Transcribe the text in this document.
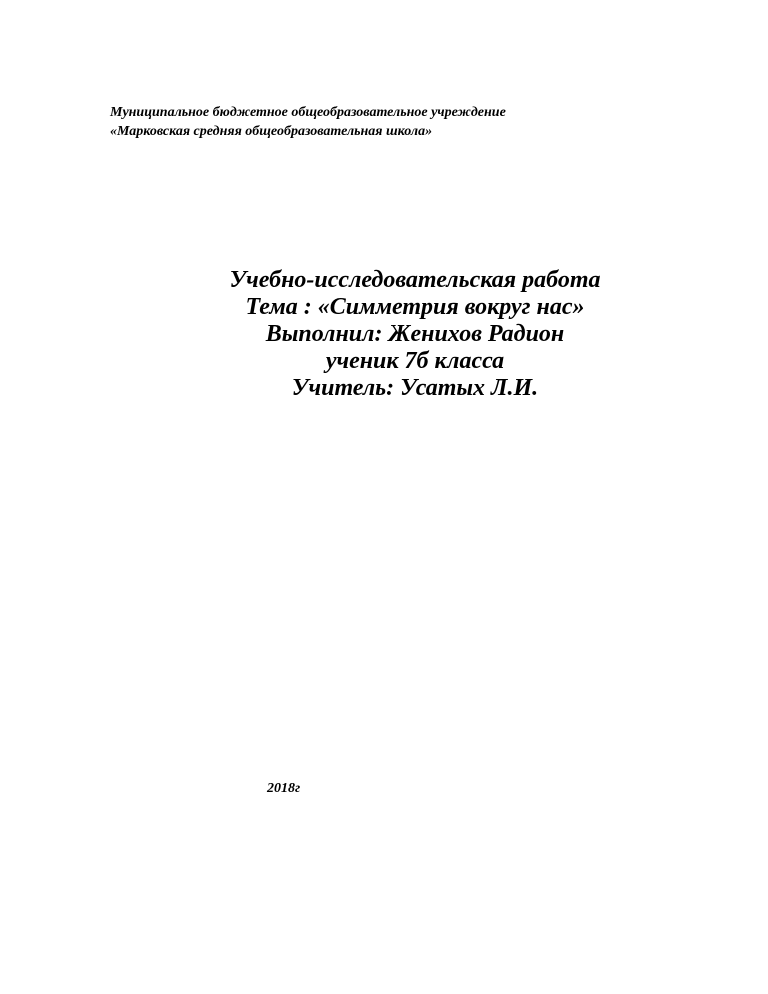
Муниципальное бюджетное общеобразовательное учреждение
«Марковская средняя общеобразовательная школа»
Учебно-исследовательская работа
Тема : «Симметрия вокруг нас»
Выполнил: Женихов Радион
ученик 7б класса
Учитель: Усатых Л.И.
2018г
